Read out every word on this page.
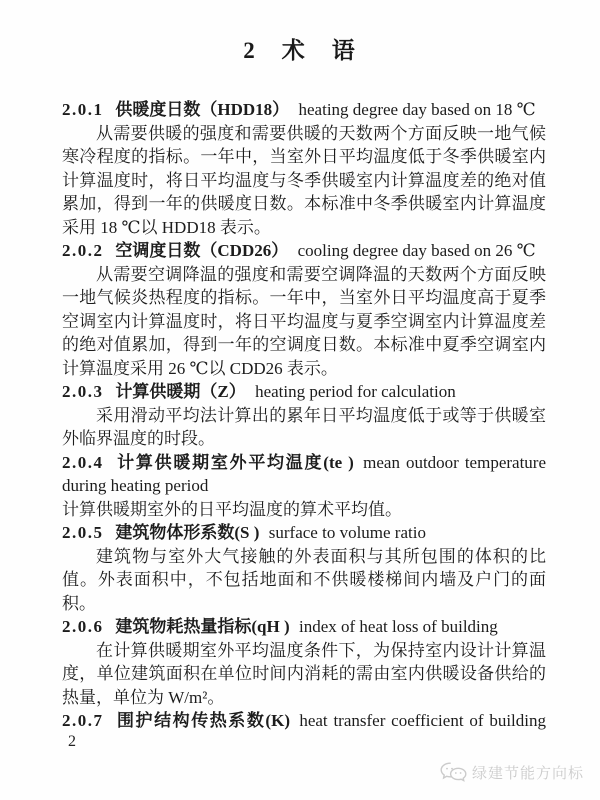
2　术　语

2.0.1 供暖度日数（HDD18） heating degree day based on 18 ℃

从需要供暖的强度和需要供暖的天数两个方面反映一地气候寒冷程度的指标。一年中，当室外日平均温度低于冬季供暖室内计算温度时，将日平均温度与冬季供暖室内计算温度差的绝对值累加，得到一年的供暖度日数。本标准中冬季供暖室内计算温度采用 18 ℃以 HDD18 表示。

2.0.2 空调度日数（CDD26） cooling degree day based on 26 ℃

从需要空调降温的强度和需要空调降温的天数两个方面反映一地气候炎热程度的指标。一年中，当室外日平均温度高于夏季空调室内计算温度时，将日平均温度与夏季空调室内计算温度差的绝对值累加，得到一年的空调度日数。本标准中夏季空调室内计算温度采用 26 ℃以 CDD26 表示。

2.0.3 计算供暖期（Z） heating period for calculation

采用滑动平均法计算出的累年日平均温度低于或等于供暖室外临界温度的时段。

2.0.4 计算供暖期室外平均温度(te ) mean outdoor temperature during heating period

计算供暖期室外的日平均温度的算术平均值。

2.0.5 建筑物体形系数(S ) surface to volume ratio

建筑物与室外大气接触的外表面积与其所包围的体积的比值。外表面积中，不包括地面和不供暖楼梯间内墙及户门的面积。

2.0.6 建筑物耗热量指标(qH ) index of heat loss of building

在计算供暖期室外平均温度条件下，为保持室内设计计算温度，单位建筑面积在单位时间内消耗的需由室内供暖设备供给的热量，单位为 W/m²。

2.0.7 围护结构传热系数(K) heat transfer coefficient of building

2
绿建节能方向标
